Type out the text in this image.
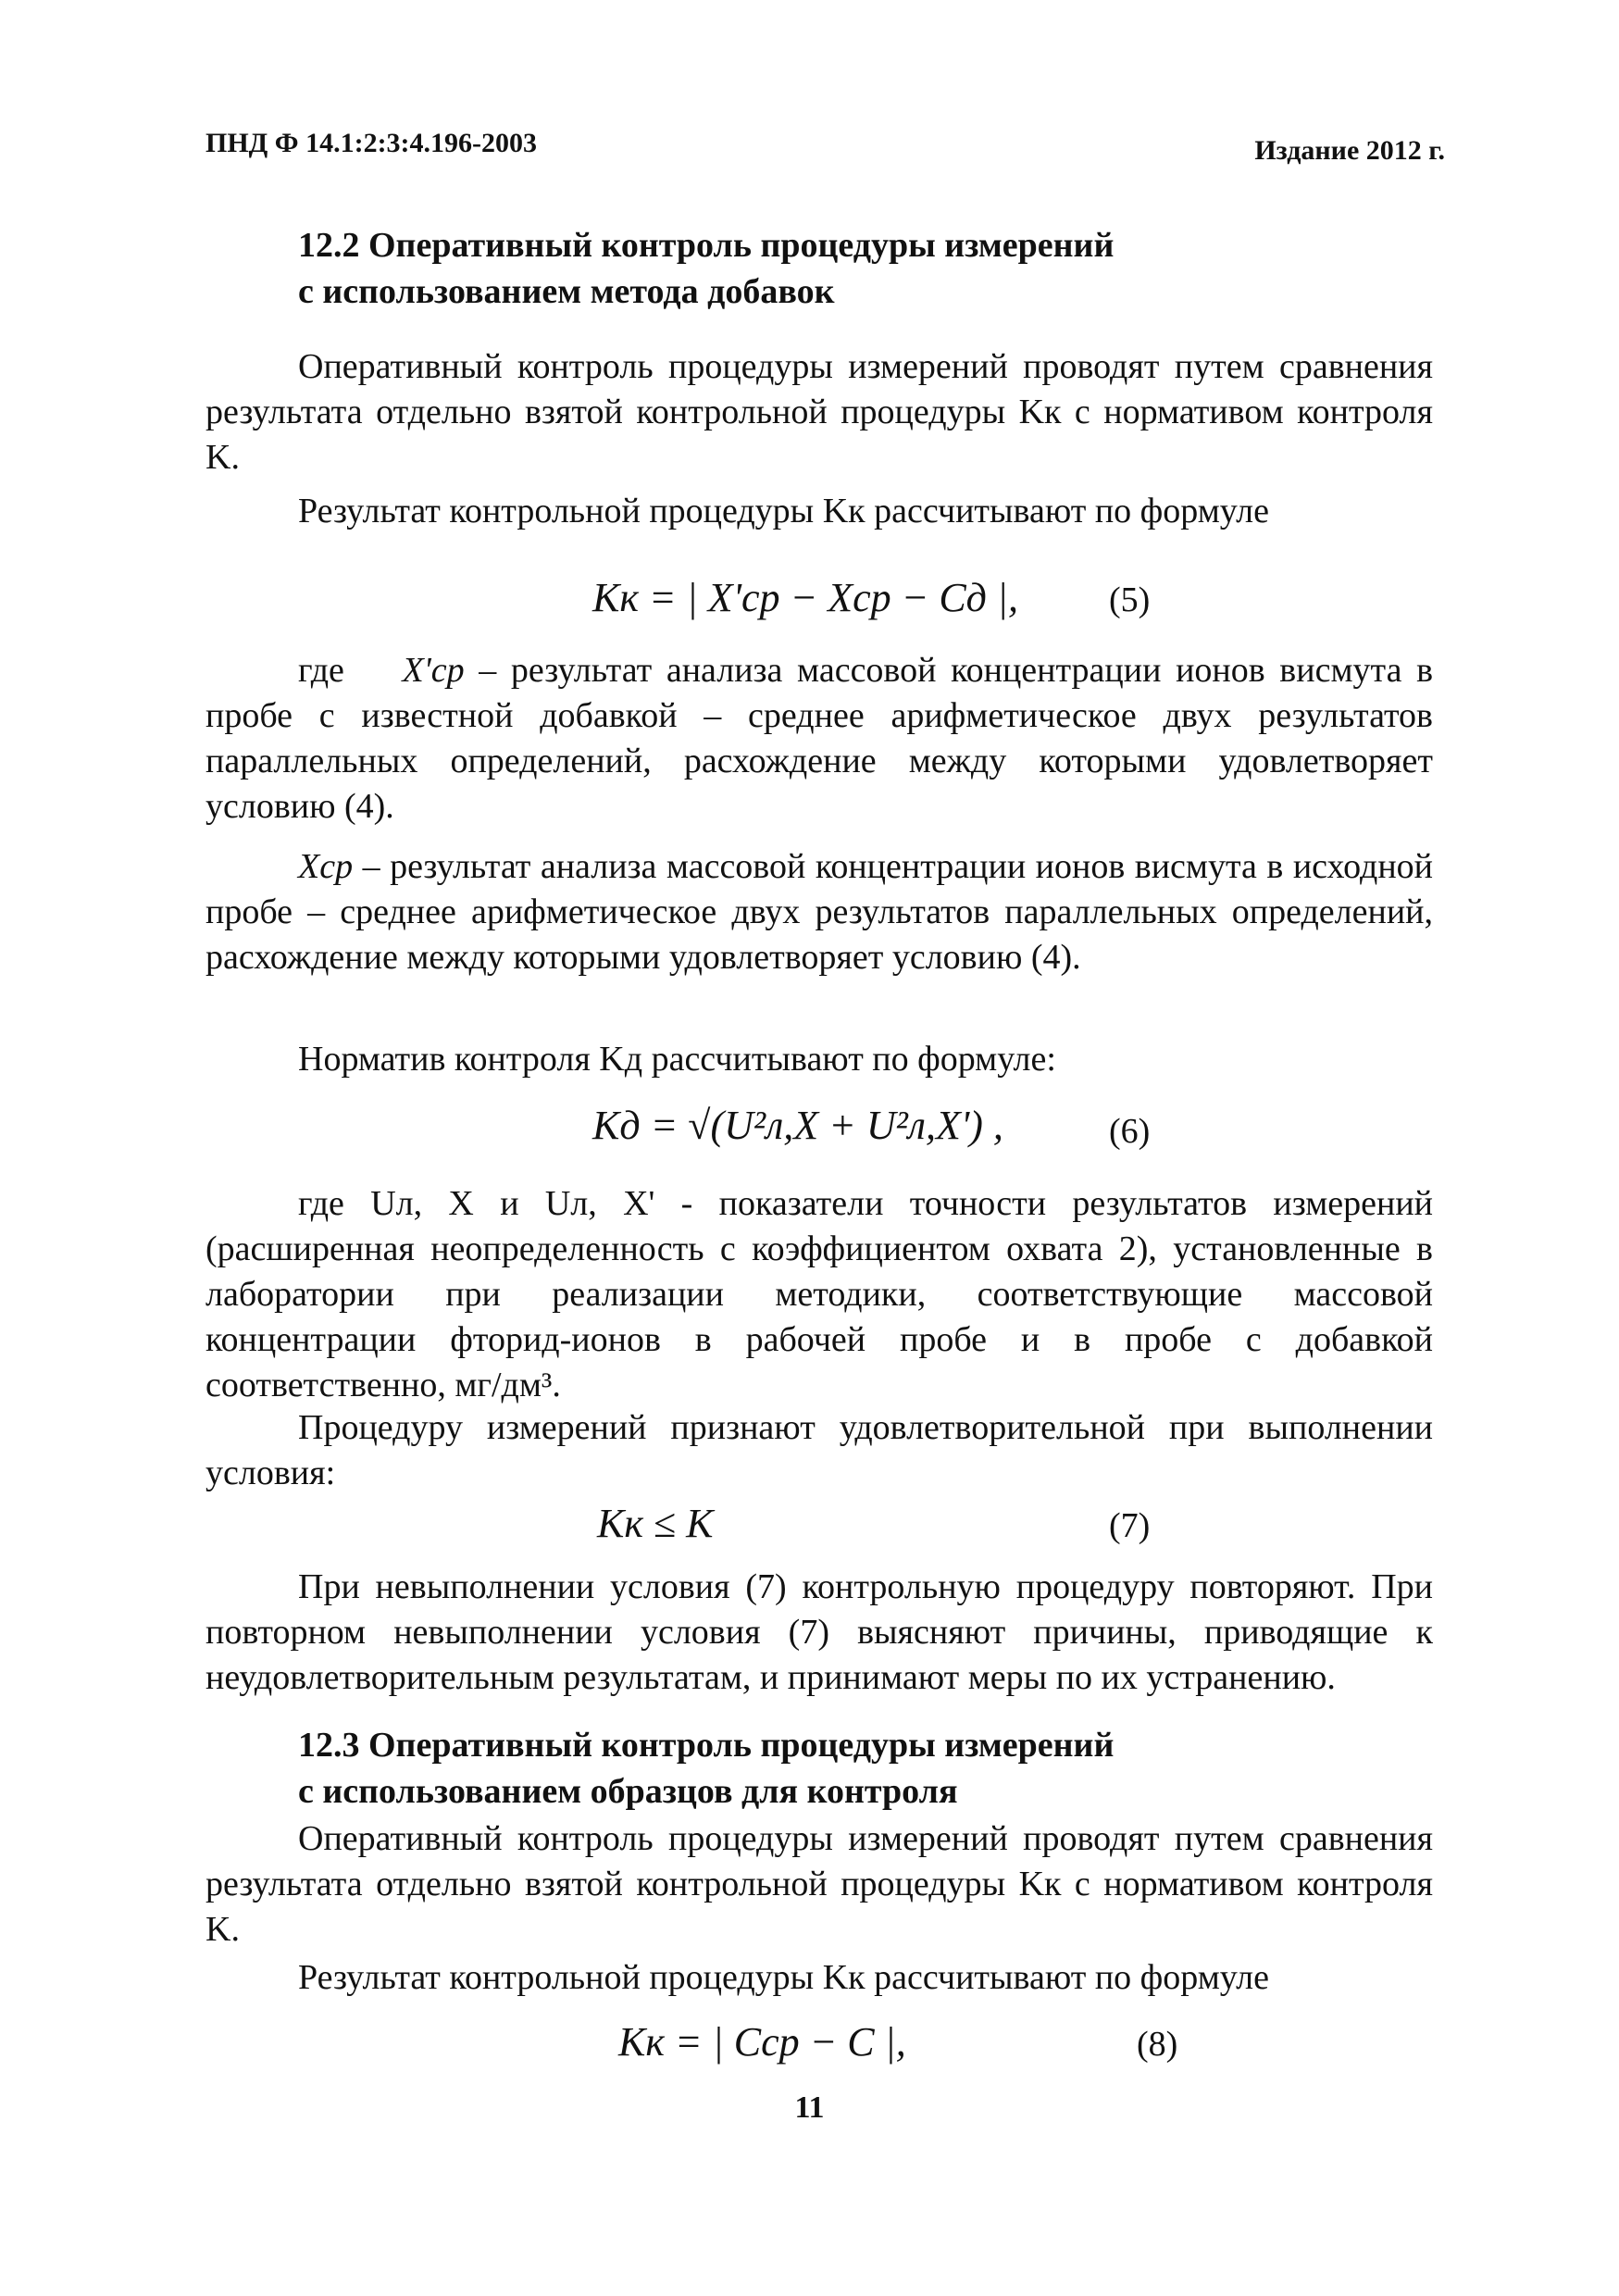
ПНД Ф 14.1:2:3:4.196-2003	Издание 2012 г.
12.2 Оперативный контроль процедуры измерений
с использованием метода добавок
Оперативный контроль процедуры измерений проводят путем сравнения результата отдельно взятой контрольной процедуры Kк с нормативом контроля K.
Результат контрольной процедуры Kк рассчитывают по формуле
Kк = | X'ср − Xср − Cд |,	(5)
где X'ср – результат анализа массовой концентрации ионов висмута в пробе с известной добавкой – среднее арифметическое двух результатов параллельных определений, расхождение между которыми удовлетворяет условию (4).
Xср – результат анализа массовой концентрации ионов висмута в исходной пробе – среднее арифметическое двух результатов параллельных определений, расхождение между которыми удовлетворяет условию (4).
Норматив контроля Kд рассчитывают по формуле:
Kд = √(U²л,X + U²л,X') ,	(6)
где Uл, X и Uл, X' - показатели точности результатов измерений (расширенная неопределенность с коэффициентом охвата 2), установленные в лаборатории при реализации методики, соответствующие массовой концентрации фторид-ионов в рабочей пробе и в пробе с добавкой соответственно, мг/дм³.
Процедуру измерений признают удовлетворительной при выполнении условия:
Kк ≤ K	(7)
При невыполнении условия (7) контрольную процедуру повторяют. При повторном невыполнении условия (7) выясняют причины, приводящие к неудовлетворительным результатам, и принимают меры по их устранению.
12.3 Оперативный контроль процедуры измерений
с использованием образцов для контроля
Оперативный контроль процедуры измерений проводят путем сравнения результата отдельно взятой контрольной процедуры Kк с нормативом контроля K.
Результат контрольной процедуры Kк рассчитывают по формуле
Kк = | Cср − C |,	(8)
11
